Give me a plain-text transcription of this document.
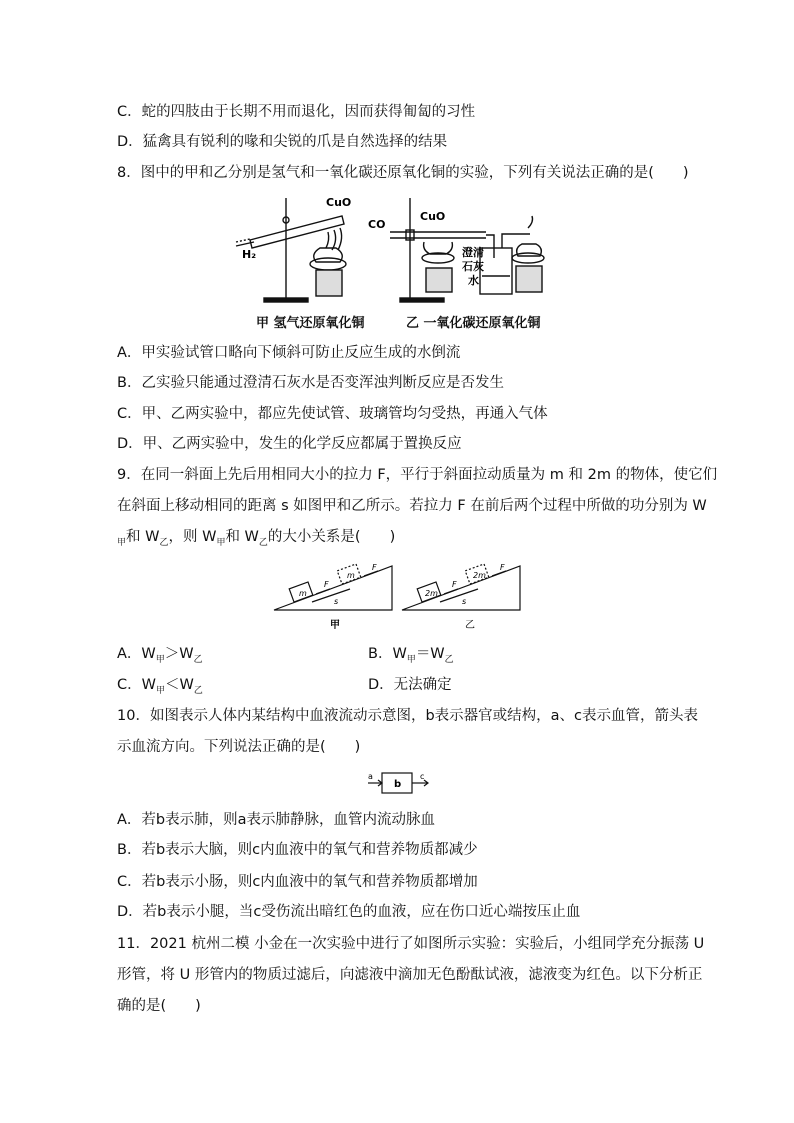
C．蛇的四肢由于长期不用而退化，因而获得匍匐的习性
D．猛禽具有锐利的喙和尖锐的爪是自然选择的结果
8．图中的甲和乙分别是氢气和一氧化碳还原氧化铜的实验，下列有关说法正确的是(　　)
CuO
H₂
CO
CuO
澄清
石灰
水
甲 氢气还原氧化铜	乙 一氧化碳还原氧化铜
A．甲实验试管口略向下倾斜可防止反应生成的水倒流
B．乙实验只能通过澄清石灰水是否变浑浊判断反应是否发生
C．甲、乙两实验中，都应先使试管、玻璃管均匀受热，再通入气体
D．甲、乙两实验中，发生的化学反应都属于置换反应
9．在同一斜面上先后用相同大小的拉力 F，平行于斜面拉动质量为 m 和 2m 的物体，使它们
在斜面上移动相同的距离 s 如图甲和乙所示。若拉力 F 在前后两个过程中所做的功分别为 W
$_甲$和 $W_乙$，则 $W_甲$和 $W_乙$的大小关系是(　　)
m
m
F
F
s
2m
2m
F
F
s
甲	乙
A．$W_甲>W_乙$	B．$W_甲=W_乙$
C．$W_甲<W_乙$	D．无法确定
10．如图表示人体内某结构中血液流动示意图，b表示器官或结构，a、c表示血管，箭头表
示血流方向。下列说法正确的是(　　)
a
b
c
A．若b表示肺，则a表示肺静脉，血管内流动脉血
B．若b表示大脑，则c内血液中的氧气和营养物质都减少
C．若b表示小肠，则c内血液中的氧气和营养物质都增加
D．若b表示小腿，当c受伤流出暗红色的血液，应在伤口近心端按压止血
11．2021 杭州二模 小金在一次实验中进行了如图所示实验：实验后，小组同学充分振荡 U
形管，将 U 形管内的物质过滤后，向滤液中滴加无色酚酞试液，滤液变为红色。以下分析正
确的是(　　)
